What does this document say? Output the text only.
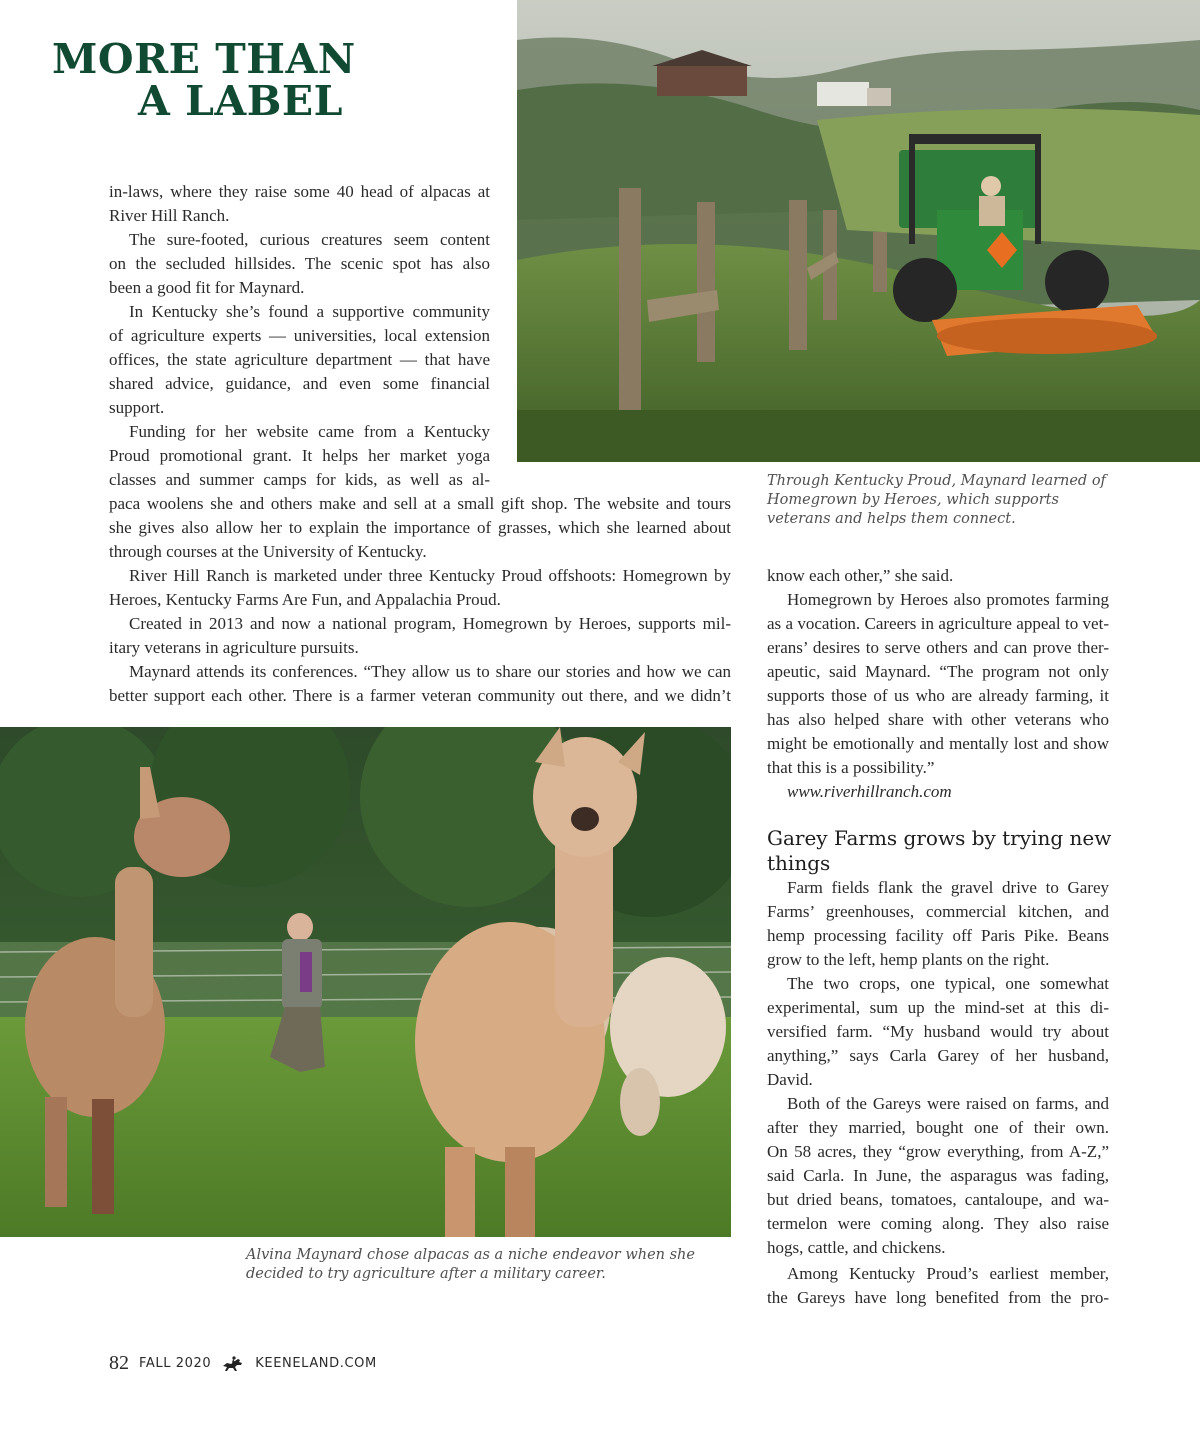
MORE THAN
A LABEL

Through Kentucky Proud, Maynard learned of Homegrown by Heroes, which supports veterans and helps them connect.

in-laws, where they raise some 40 head of alpacas at
River Hill Ranch.

The sure-footed, curious creatures seem content
on the secluded hillsides. The scenic spot has also
been a good fit for Maynard.

In Kentucky she’s found a supportive community
of agriculture experts — universities, local extension
offices, the state agriculture department — that have
shared advice, guidance, and even some financial
support.

Funding for her website came from a Kentucky
Proud promotional grant. It helps her market yoga
classes and summer camps for kids, as well as al-
paca woolens she and others make and sell at a small gift shop. The website and tours
she gives also allow her to explain the importance of grasses, which she learned about
through courses at the University of Kentucky.

River Hill Ranch is marketed under three Kentucky Proud offshoots: Homegrown by
Heroes, Kentucky Farms Are Fun, and Appalachia Proud.

Created in 2013 and now a national program, Homegrown by Heroes, supports mil-
itary veterans in agriculture pursuits.

Maynard attends its conferences. “They allow us to share our stories and how we can
better support each other. There is a farmer veteran community out there, and we didn’t

Alvina Maynard chose alpacas as a niche endeavor when she decided to try agriculture after a military career.

know each other,” she said.

Homegrown by Heroes also promotes farming
as a vocation. Careers in agriculture appeal to vet-
erans’ desires to serve others and can prove ther-
apeutic, said Maynard. “The program not only
supports those of us who are already farming, it
has also helped share with other veterans who
might be emotionally and mentally lost and show
that this is a possibility.”

www.riverhillranch.com

Garey Farms grows by trying new things

Farm fields flank the gravel drive to Garey
Farms’ greenhouses, commercial kitchen, and
hemp processing facility off Paris Pike. Beans
grow to the left, hemp plants on the right.

The two crops, one typical, one somewhat
experimental, sum up the mind-set at this di-
versified farm. “My husband would try about
anything,” says Carla Garey of her husband,
David.

Both of the Gareys were raised on farms, and
after they married, bought one of their own.
On 58 acres, they “grow everything, from A-Z,”
said Carla. In June, the asparagus was fading,
but dried beans, tomatoes, cantaloupe, and wa-
termelon were coming along. They also raise
hogs, cattle, and chickens.

Among Kentucky Proud’s earliest member,
the Gareys have long benefited from the pro-

82 FALL 2020	KEENELAND.COM
